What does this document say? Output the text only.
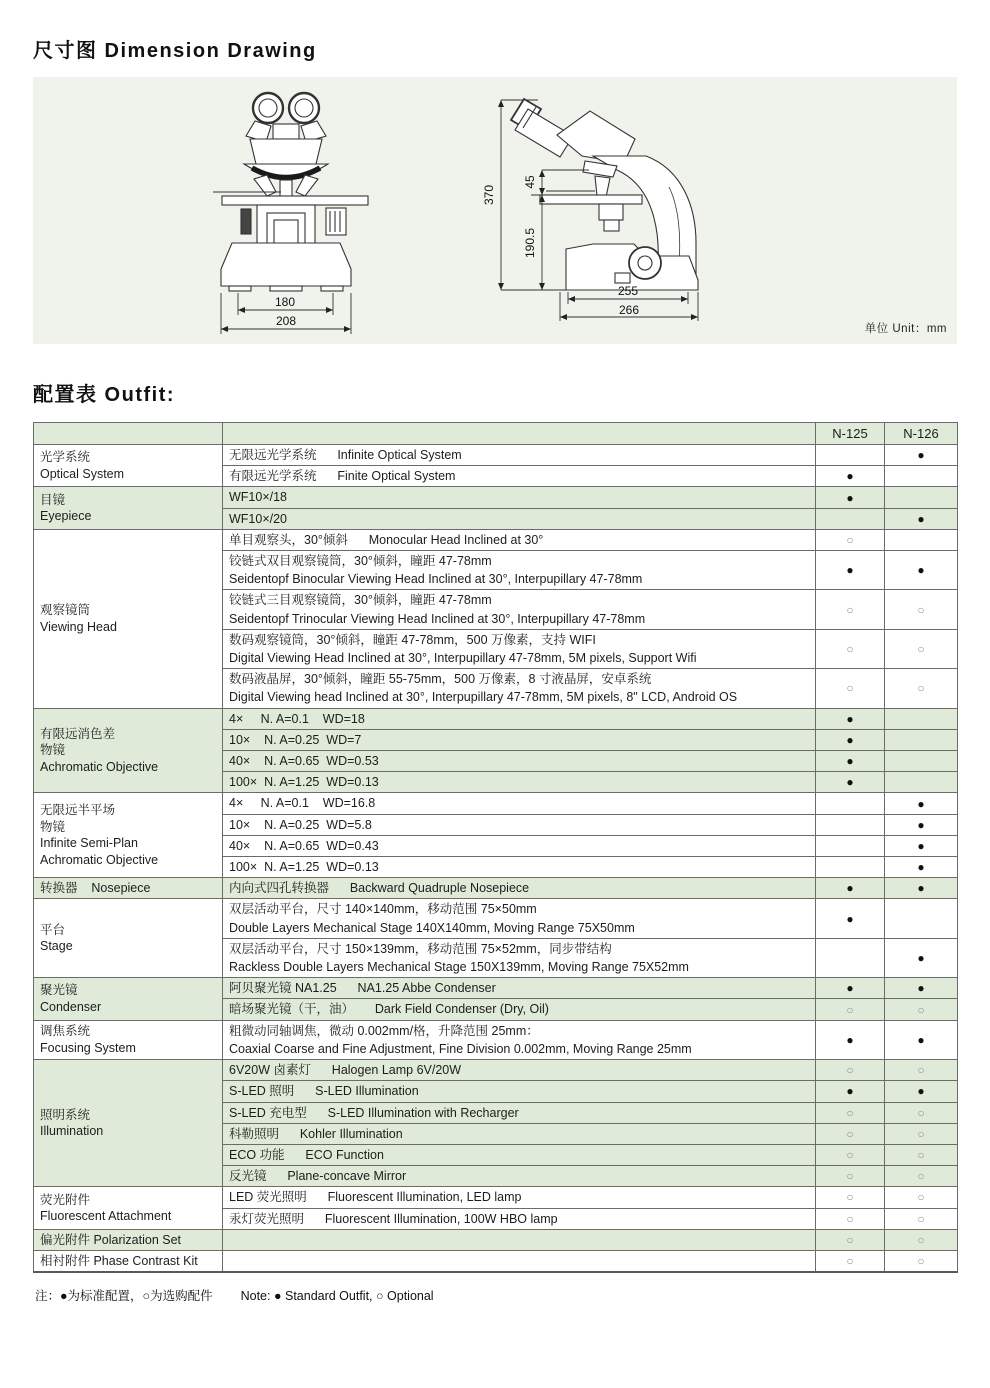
尺寸图 Dimension Drawing
180
208
370
45
190.5
255
266
单位 Unit：mm
配置表 Outfit:
		N-125	N-126

光学系统
Optical System	无限远光学系统      Infinite Optical System		●

	有限远光学系统      Finite Optical System	●	

目镜
Eyepiece	WF10×/18	●	

	WF10×/20		●

观察镜筒
Viewing Head	单目观察头，30°倾斜      Monocular Head Inclined at 30°	○	

	铰链式双目观察镜筒，30°倾斜，瞳距 47-78mm
Seidentopf Binocular Viewing Head Inclined at 30°, Interpupillary 47-78mm	●	●

	铰链式三目观察镜筒，30°倾斜，瞳距 47-78mm
Seidentopf Trinocular Viewing Head Inclined at 30°, Interpupillary 47-78mm	○	○

	数码观察镜筒，30°倾斜，瞳距 47-78mm，500 万像素，支持 WIFI
Digital Viewing Head Inclined at 30°, Interpupillary 47-78mm, 5M pixels, Support Wifi	○	○

	数码液晶屏，30°倾斜，瞳距 55-75mm，500 万像素，8 寸液晶屏，安卓系统
Digital Viewing head Inclined at 30°, Interpupillary 47-78mm, 5M pixels, 8" LCD, Android OS	○	○

有限远消色差
物镜
Achromatic Objective	4×     N. A=0.1    WD=18	●	

	10×    N. A=0.25  WD=7	●	

	40×    N. A=0.65  WD=0.53	●	

	100×  N. A=1.25  WD=0.13	●	

无限远半平场
物镜
Infinite Semi-Plan
Achromatic Objective	4×     N. A=0.1    WD=16.8		●

	10×    N. A=0.25  WD=5.8		●

	40×    N. A=0.65  WD=0.43		●

	100×  N. A=1.25  WD=0.13		●

转换器    Nosepiece	内向式四孔转换器      Backward Quadruple Nosepiece	●	●

平台
Stage

双层活动平台，尺寸 140×140mm，移动范围 75×50mm
Double Layers Mechanical Stage 140X140mm, Moving Range 75X50mm
	●	

	双层活动平台，尺寸 150×139mm，移动范围 75×52mm，同步带结构
Rackless Double Layers Mechanical Stage 150X139mm, Moving Range 75X52mm		●

聚光镜
Condenser	阿贝聚光镜 NA1.25      NA1.25 Abbe Condenser	●	●

	暗场聚光镜（干，油）      Dark Field Condenser (Dry, Oil)	○	○

调焦系统
Focusing System

粗微动同轴调焦，微动 0.002mm/格，升降范围 25mm：
Coaxial Coarse and Fine Adjustment, Fine Division 0.002mm, Moving Range 25mm
	●	●

照明系统
Illumination	6V20W 卤素灯      Halogen Lamp 6V/20W	○	○

	S-LED 照明      S-LED Illumination	●	●

	S-LED 充电型      S-LED Illumination with Recharger	○	○

	科勒照明      Kohler Illumination	○	○

	ECO 功能      ECO Function	○	○

	反光镜      Plane-concave Mirror	○	○

荧光附件
Fluorescent Attachment	LED 荧光照明      Fluorescent Illumination, LED lamp	○	○

	汞灯荧光照明      Fluorescent Illumination, 100W HBO lamp	○	○

偏光附件 Polarization Set		○	○

相衬附件 Phase Contrast Kit		○	○
注：●为标准配置，○为选购配件 Note: ● Standard Outfit, ○ Optional
